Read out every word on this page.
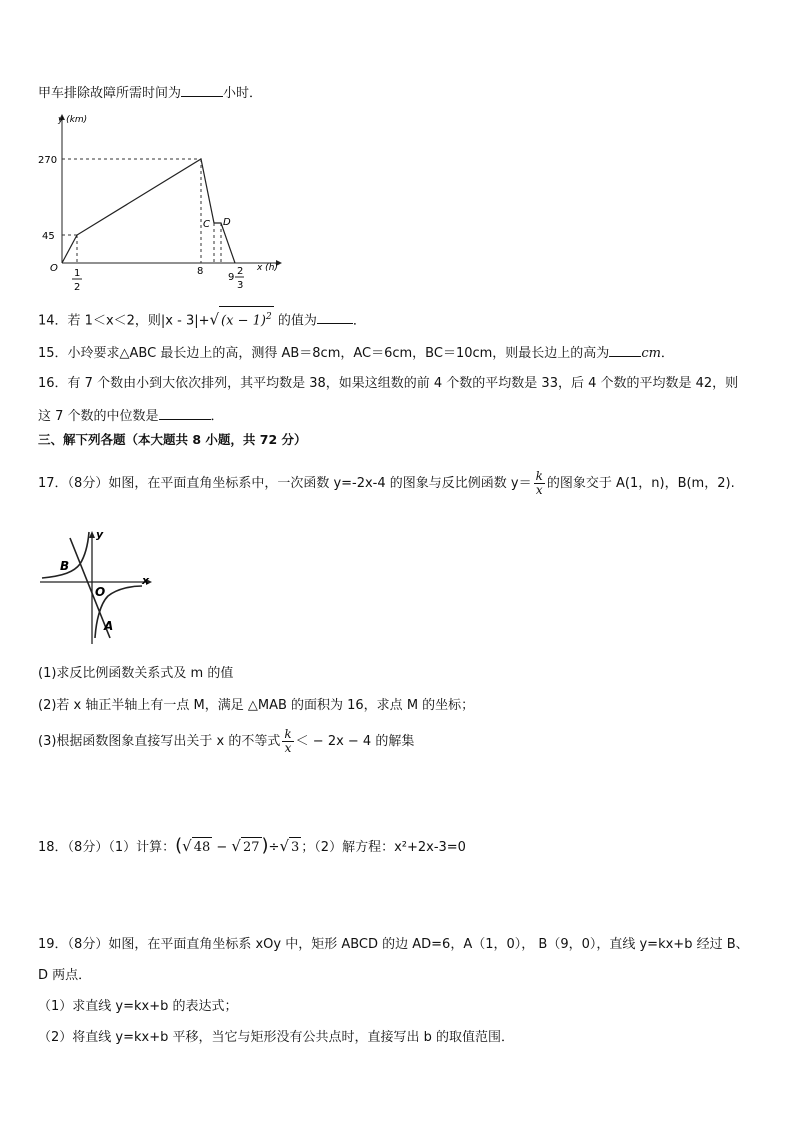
甲车排除故障所需时间为	小时．
y (km)
270
45
O 1
2
8
9
2
3
x (h)
C D
14．若 1＜x＜2，则|x - 3|+√ $(x - 1)^2$ 的值为	．
15．小玲要求△ABC 最长边上的高，测得 AB＝8cm，AC＝6cm，BC＝10cm，则最长边上的高为 cm．
16．有 7 个数由小到大依次排列，其平均数是 38，如果这组数的前 4 个数的平均数是 33，后 4 个数的平均数是 42，则
这 7 个数的中位数是	．
三、解下列各题（本大题共 8 小题，共 72 分）
17．（8分）如图，在平面直角坐标系中，一次函数 y=-2x-4 的图象与反比例函数 $y= \frac{k}{x}$ 的图象交于 A(1，n)，B(m，2).
B
O
A
y
x
(1)求反比例函数关系式及 m 的值
(2)若 x 轴正半轴上有一点 M，满足 △MAB 的面积为 16，求点 M 的坐标；
(3)根据函数图象直接写出关于 x 的不等式 $\frac{k}{x}$ ＜ − 2x − 4 的解集
18．（8分）（1）计算：(√ 48 − √ 27 )÷√ 3 ；（2）解方程：x²+2x-3=0
19．（8分）如图，在平面直角坐标系 xOy 中，矩形 ABCD 的边 AD=6，A（1，0）， B（9，0），直线 y=kx+b 经过 B、
D 两点．
（1）求直线 y=kx+b 的表达式；
（2）将直线 y=kx+b 平移，当它与矩形没有公共点时，直接写出 b 的取值范围．
